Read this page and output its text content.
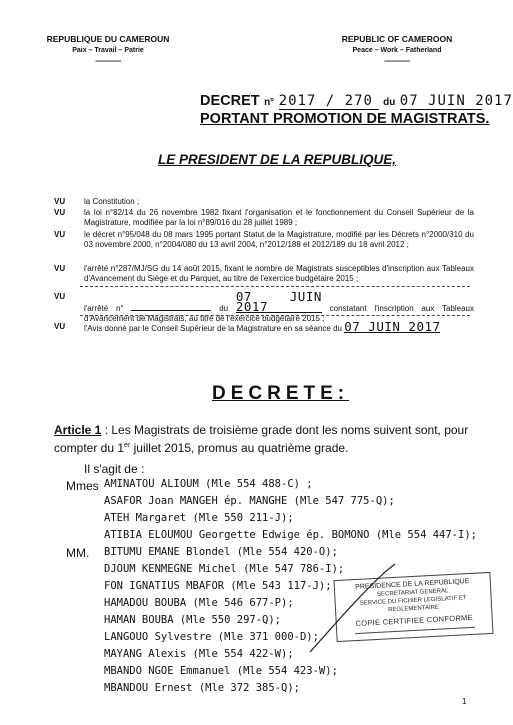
REPUBLIQUE DU CAMEROUN
Paix – Travail – Patrie
--------------
REPUBLIC OF CAMEROON
Peace – Work – Fatherland
--------------
DECRET n° 2017 / 270 du 07 JUIN 2017
PORTANT PROMOTION DE MAGISTRATS.
LE PRESIDENT DE LA REPUBLIQUE,
VU la Constitution ;
VU la loi n°82/14 du 26 novembre 1982 fixant l'organisation et le fonctionnement du Conseil Supérieur de la Magistrature, modifiée par la loi n°89/016 du 28 juillet 1989 ;
VU le décret n°95/048 du 08 mars 1995 portant Statut de la Magistrature, modifié par les Décrets n°2000/310 du 03 novembre 2000, n°2004/080 du 13 avril 2004, n°2012/188 et 2012/189 du 18 avril 2012 ;
VU l'arrêté n°287/MJ/SG du 14 août 2015, fixant le nombre de Magistrats susceptibles d'inscription aux Tableaux d'Avancement du Siège et du Parquet, au titre de l'exercice budgétaire 2015 ;
VU
l'arrêté n°	du 07 JUIN 2017	constatant l'inscription aux Tableaux d'Avancement de Magistrats, au titre de l'exercice budgétaire 2015 ;
VU l'Avis donné par le Conseil Supérieur de la Magistrature en sa séance du 07 JUIN 2017
DECRETE:
Article 1 : Les Magistrats de troisième grade dont les noms suivent sont, pour compter du 1er juillet 2015, promus au quatrième grade.
Il s'agit de :
Mmes AMINATOU ALIOUM (Mle 554 488-C) ;
ASAFOR Joan MANGEH ép. MANGHE (Mle 547 775-Q);
ATEH Margaret (Mle 550 211-J);
ATIBIA ELOUMOU Georgette Edwige ép. BOMONO (Mle 554 447-I);
MM. BITUMU EMANE Blondel (Mle 554 420-O);
DJOUM KENMEGNE Michel (Mle 547 786-I);
FON IGNATIUS MBAFOR (Mle 543 117-J);
HAMADOU BOUBA (Mle 546 677-P);
HAMAN BOUBA (Mle 550 297-Q);
LANGOUO Sylvestre (Mle 371 000-D);
MAYANG Alexis (Mle 554 422-W);
MBANDO NGOE Emmanuel (Mle 554 423-W);
MBANDOU Ernest (Mle 372 385-Q);
PRESIDENCE DE LA REPUBLIQUE
SECRETARIAT GENERAL
SERVICE DU FICHIER LEGISLATIF ET REGLEMENTAIRE
COPIE CERTIFIEE CONFORME
1
